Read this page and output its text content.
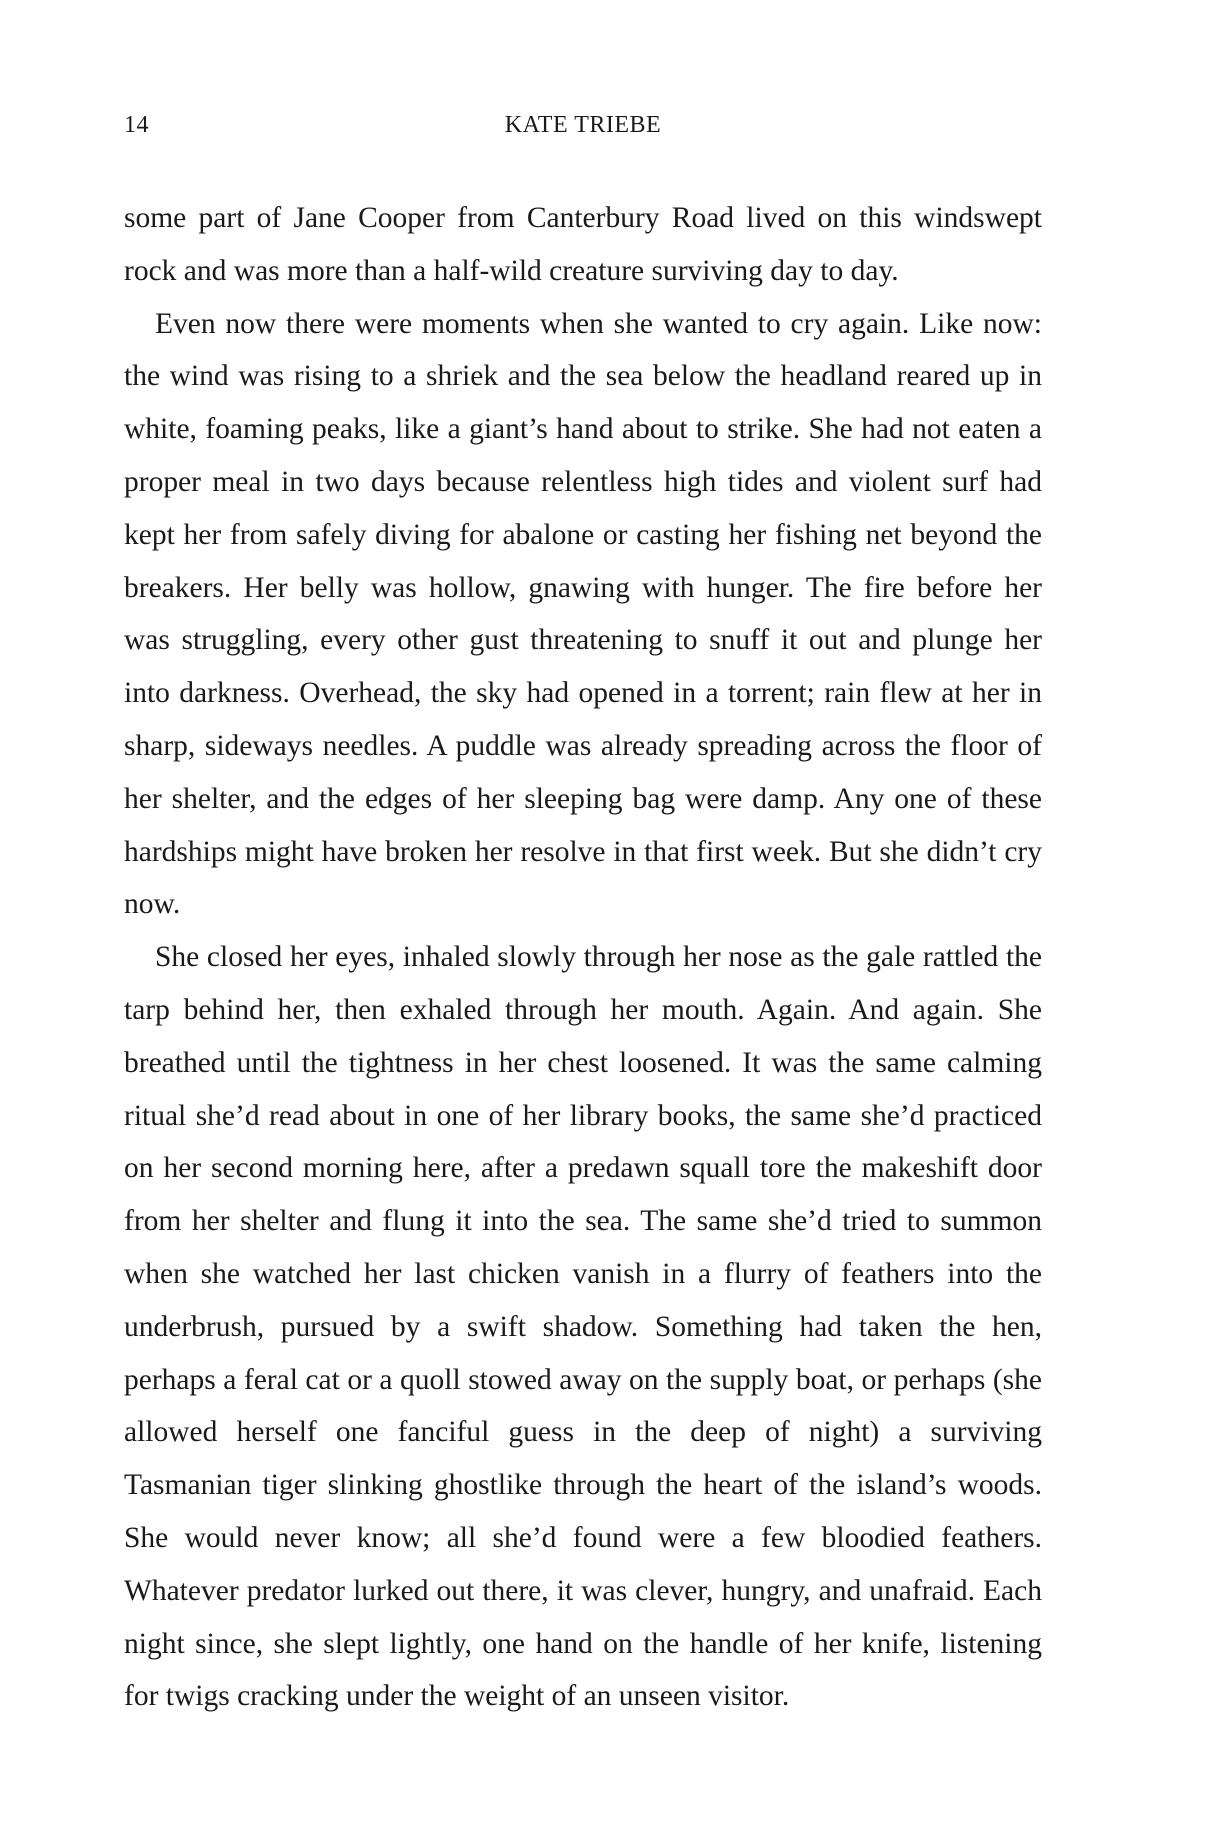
14	KATE TRIEBE

some part of Jane Cooper from Canterbury Road lived on this windswept rock and was more than a half-wild creature surviving day to day.

Even now there were moments when she wanted to cry again. Like now: the wind was rising to a shriek and the sea below the headland reared up in white, foaming peaks, like a giant’s hand about to strike. She had not eaten a proper meal in two days because relentless high tides and violent surf had kept her from safely diving for abalone or casting her fishing net beyond the breakers. Her belly was hollow, gnawing with hunger. The fire before her was struggling, every other gust threatening to snuff it out and plunge her into darkness. Overhead, the sky had opened in a torrent; rain flew at her in sharp, sideways needles. A puddle was already spreading across the floor of her shelter, and the edges of her sleeping bag were damp. Any one of these hardships might have broken her resolve in that first week. But she didn’t cry now.

She closed her eyes, inhaled slowly through her nose as the gale rattled the tarp behind her, then exhaled through her mouth. Again. And again. She breathed until the tightness in her chest loosened. It was the same calming ritual she’d read about in one of her library books, the same she’d practiced on her second morning here, after a predawn squall tore the makeshift door from her shelter and flung it into the sea. The same she’d tried to summon when she watched her last chicken vanish in a flurry of feathers into the underbrush, pursued by a swift shadow. Something had taken the hen, perhaps a feral cat or a quoll stowed away on the supply boat, or perhaps (she allowed herself one fanciful guess in the deep of night) a surviving Tasmanian tiger slinking ghostlike through the heart of the island’s woods. She would never know; all she’d found were a few bloodied feathers. Whatever predator lurked out there, it was clever, hungry, and unafraid. Each night since, she slept lightly, one hand on the handle of her knife, listening for twigs cracking under the weight of an unseen visitor.
